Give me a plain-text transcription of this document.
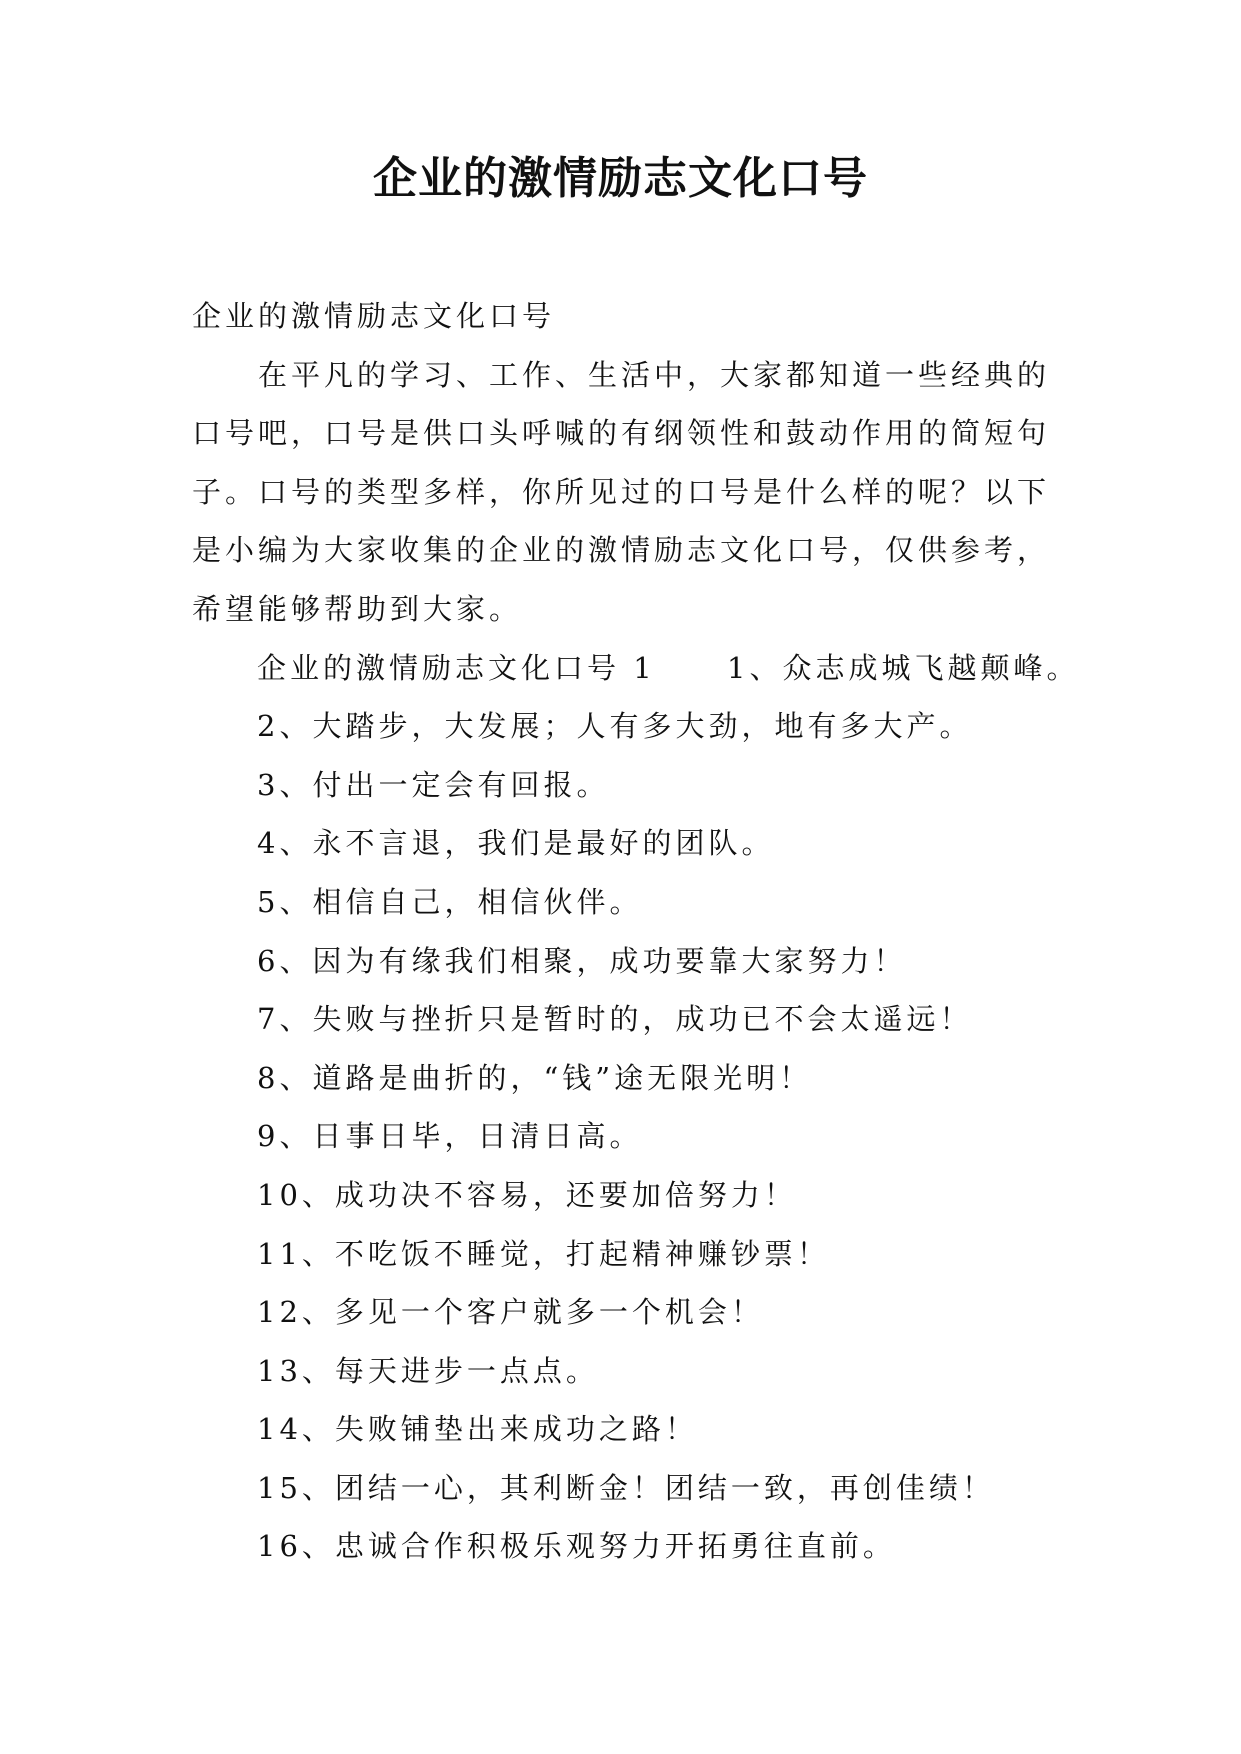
企业的激情励志文化口号
企业的激情励志文化口号
在平凡的学习、工作、生活中，大家都知道一些经典的
口号吧，口号是供口头呼喊的有纲领性和鼓动作用的简短句
子。口号的类型多样，你所见过的口号是什么样的呢？以下
是小编为大家收集的企业的激情励志文化口号，仅供参考，
希望能够帮助到大家。
企业的激情励志文化口号 1 1、众志成城飞越颠峰。
2、大踏步，大发展；人有多大劲，地有多大产。
3、付出一定会有回报。
4、永不言退，我们是最好的团队。
5、相信自己，相信伙伴。
6、因为有缘我们相聚，成功要靠大家努力！
7、失败与挫折只是暂时的，成功已不会太遥远！
8、道路是曲折的，“钱”途无限光明！
9、日事日毕，日清日高。
10、成功决不容易，还要加倍努力！
11、不吃饭不睡觉，打起精神赚钞票！
12、多见一个客户就多一个机会！
13、每天进步一点点。
14、失败铺垫出来成功之路！
15、团结一心，其利断金！团结一致，再创佳绩！
16、忠诚合作积极乐观努力开拓勇往直前。
